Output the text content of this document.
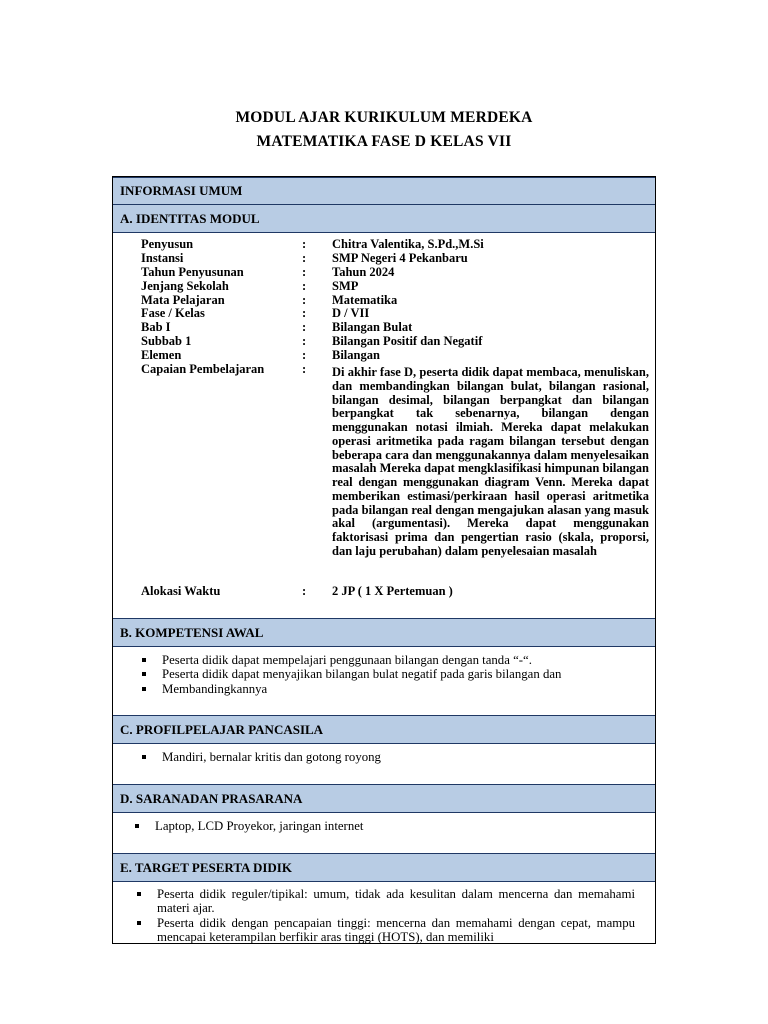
MODUL AJAR KURIKULUM MERDEKA
MATEMATIKA FASE D KELAS VII
INFORMASI UMUM
A. IDENTITAS MODUL
Penyusun	: Chitra Valentika, S.Pd.,M.Si
Instansi	: SMP Negeri 4 Pekanbaru
Tahun Penyusunan	: Tahun 2024
Jenjang Sekolah	: SMP
Mata Pelajaran	: Matematika
Fase / Kelas	: D / VII
Bab I	: Bilangan Bulat
Subbab 1	: Bilangan Positif dan Negatif
Elemen	: Bilangan
Capaian Pembelajaran	: Di akhir fase D, peserta didik dapat membaca, menuliskan, dan membandingkan bilangan bulat, bilangan rasional, bilangan desimal, bilangan berpangkat dan bilangan berpangkat tak sebenarnya, bilangan dengan menggunakan notasi ilmiah. Mereka dapat melakukan operasi aritmetika pada ragam bilangan tersebut dengan beberapa cara dan menggunakannya dalam menyelesaikan masalah Mereka dapat mengklasifikasi himpunan bilangan real dengan menggunakan diagram Venn. Mereka dapat memberikan estimasi/perkiraan hasil operasi aritmetika pada bilangan real dengan mengajukan alasan yang masuk akal (argumentasi). Mereka dapat menggunakan faktorisasi prima dan pengertian rasio (skala, proporsi, dan laju perubahan) dalam penyelesaian masalah
Alokasi Waktu	: 2 JP ( 1 X Pertemuan )
B. KOMPETENSI AWAL
Peserta didik dapat mempelajari penggunaan bilangan dengan tanda “-“.
Peserta didik dapat menyajikan bilangan bulat negatif pada garis bilangan dan
Membandingkannya
C. PROFILPELAJAR PANCASILA
Mandiri, bernalar kritis dan gotong royong
D. SARANADAN PRASARANA
Laptop, LCD Proyekor, jaringan internet
E. TARGET PESERTA DIDIK
Peserta didik reguler/tipikal: umum, tidak ada kesulitan dalam mencerna dan memahami materi ajar.
Peserta didik dengan pencapaian tinggi: mencerna dan memahami dengan cepat, mampu mencapai keterampilan berfikir aras tinggi (HOTS), dan memiliki
